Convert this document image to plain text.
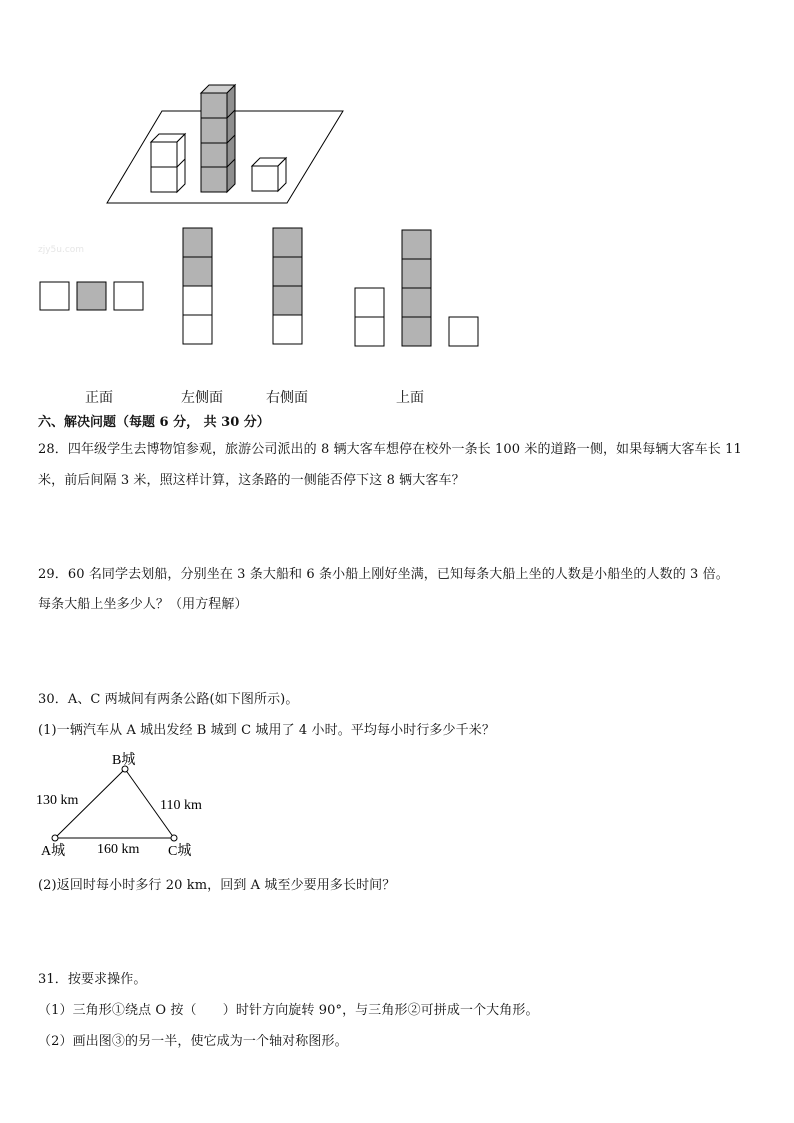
zjy5u.com
正面	左侧面	右侧面	上面
六、解决问题（每题 6 分， 共 30 分）
28．四年级学生去博物馆参观，旅游公司派出的 8 辆大客车想停在校外一条长 100 米的道路一侧，如果每辆大客车长 11
米，前后间隔 3 米，照这样计算，这条路的一侧能否停下这 8 辆大客车？
29．60 名同学去划船，分别坐在 3 条大船和 6 条小船上刚好坐满，已知每条大船上坐的人数是小船坐的人数的 3 倍。
每条大船上坐多少人？（用方程解）
30．A、C 两城间有两条公路(如下图所示)。
(1)一辆汽车从 A 城出发经 B 城到 C 城用了 4 小时。平均每小时行多少千米？
B城
130 km	110 km
A城 160 km C城
(2)返回时每小时多行 20 km，回到 A 城至少要用多长时间？
31．按要求操作。
（1）三角形①绕点 O 按（　　）时针方向旋转 90°，与三角形②可拼成一个大角形。
（2）画出图③的另一半，使它成为一个轴对称图形。
